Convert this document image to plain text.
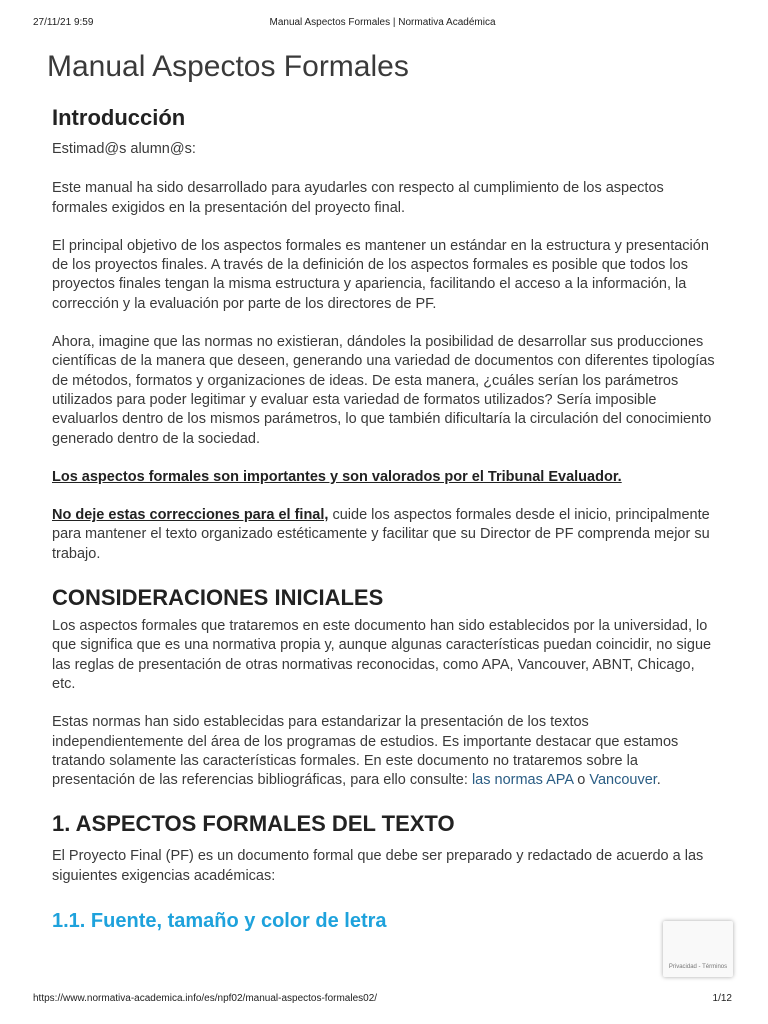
27/11/21 9:59	Manual Aspectos Formales | Normativa Académica
Manual Aspectos Formales
Introducción

Estimad@s alumn@s:

Este manual ha sido desarrollado para ayudarles con respecto al cumplimiento de los aspectos formales exigidos en la presentación del proyecto final.

El principal objetivo de los aspectos formales es mantener un estándar en la estructura y presentación de los proyectos finales. A través de la definición de los aspectos formales es posible que todos los proyectos finales tengan la misma estructura y apariencia, facilitando el acceso a la información, la corrección y la evaluación por parte de los directores de PF.

Ahora, imagine que las normas no existieran, dándoles la posibilidad de desarrollar sus producciones científicas de la manera que deseen, generando una variedad de documentos con diferentes tipologías de métodos, formatos y organizaciones de ideas. De esta manera, ¿cuáles serían los parámetros utilizados para poder legitimar y evaluar esta variedad de formatos utilizados? Sería imposible evaluarlos dentro de los mismos parámetros, lo que también dificultaría la circulación del conocimiento generado dentro de la sociedad.

Los aspectos formales son importantes y son valorados por el Tribunal Evaluador.

No deje estas correcciones para el final, cuide los aspectos formales desde el inicio, principalmente para mantener el texto organizado estéticamente y facilitar que su Director de PF comprenda mejor su trabajo.

CONSIDERACIONES INICIALES

Los aspectos formales que trataremos en este documento han sido establecidos por la universidad, lo que significa que es una normativa propia y, aunque algunas características puedan coincidir, no sigue las reglas de presentación de otras normativas reconocidas, como APA, Vancouver, ABNT, Chicago, etc.

Estas normas han sido establecidas para estandarizar la presentación de los textos independientemente del área de los programas de estudios. Es importante destacar que estamos tratando solamente las características formales. En este documento no trataremos sobre la presentación de las referencias bibliográficas, para ello consulte: las normas APA o Vancouver.

1. ASPECTOS FORMALES DEL TEXTO

El Proyecto Final (PF) es un documento formal que debe ser preparado y redactado de acuerdo a las siguientes exigencias académicas:

1.1. Fuente, tamaño y color de letra
Privacidad - Términos
https://www.normativa-academica.info/es/npf02/manual-aspectos-formales02/	1/12
